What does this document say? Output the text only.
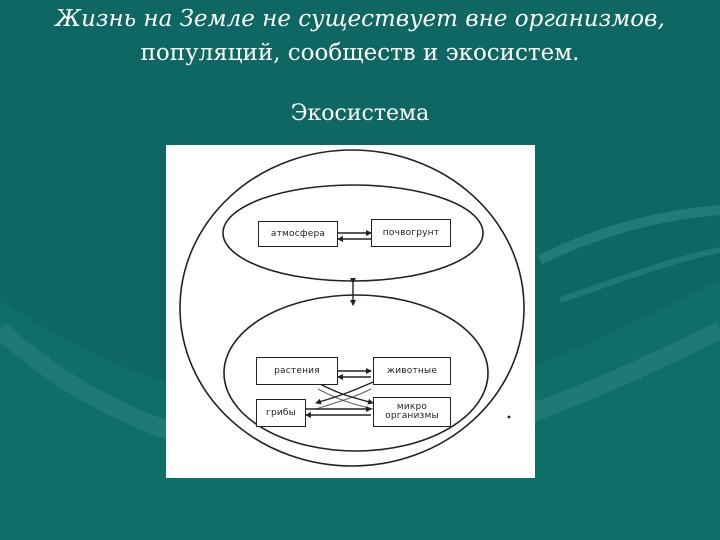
Жизнь на Земле не существует вне организмов,
популяций, сообществ и экосистем.
Экосистема
атмосфера	почвогрунт
растения	животные
грибы
микро
организмы
